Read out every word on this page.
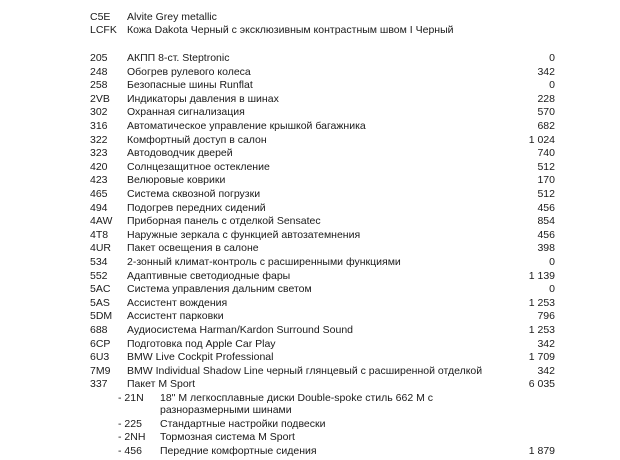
C5E Alvite Grey metallic
LCFK Кожа Dakota Черный с эксклюзивным контрастным швом I Черный
205 АКПП 8-ст. Steptronic	0
248 Обогрев рулевого колеса	342
258 Безопасные шины Runflat	0
2VB Индикаторы давления в шинах	228
302 Охранная сигнализация	570
316 Автоматическое управление крышкой багажника	682
322 Комфортный доступ в салон	1 024
323 Автодоводчик дверей	740
420 Солнцезащитное остекление	512
423 Велюровые коврики	170
465 Система сквозной погрузки	512
494 Подогрев передних сидений	456
4AW Приборная панель с отделкой Sensatec	854
4T8 Наружные зеркала с функцией автозатемнения	456
4UR Пакет освещения в салоне	398
534 2-зонный климат-контроль с расширенными функциями	0
552 Адаптивные светодиодные фары	1 139
5AC Система управления дальним светом	0
5AS Ассистент вождения	1 253
5DM Ассистент парковки	796
688 Аудиосистема Harman/Kardon Surround Sound	1 253
6CP Подготовка под Apple Car Play	342
6U3 BMW Live Cockpit Professional	1 709
7M9 BMW Individual Shadow Line черный глянцевый с расширенной отделкой	342
337 Пакет M Sport	6 035
- 21N 18" M легкосплавные диски Double-spoke стиль 662 M с
разноразмерными шинами
- 225 Стандартные настройки подвески
- 2NH Тормозная система M Sport
- 456 Передние комфортные сидения	1 879
